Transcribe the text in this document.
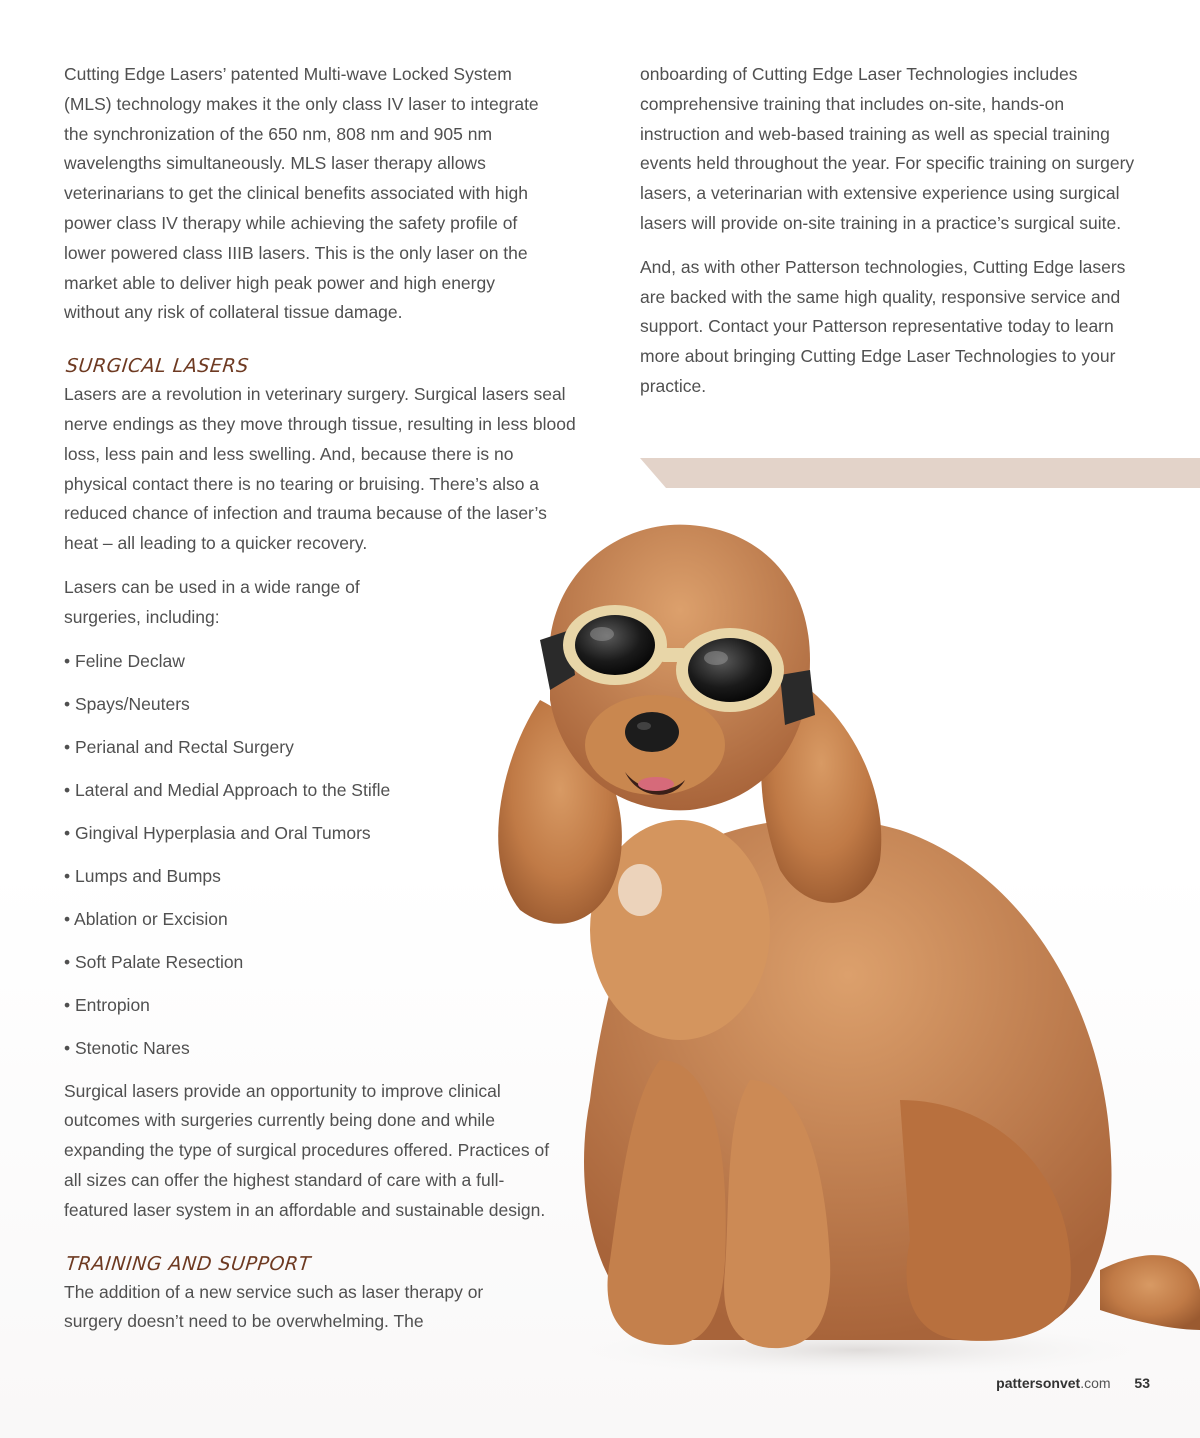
Cutting Edge Lasers’ patented Multi-wave Locked System (MLS) technology makes it the only class IV laser to integrate the synchronization of the 650 nm, 808 nm and 905 nm wavelengths simultaneously. MLS laser therapy allows veterinarians to get the clinical benefits associated with high power class IV therapy while achieving the safety profile of lower powered class IIIB lasers. This is the only laser on the market able to deliver high peak power and high energy without any risk of collateral tissue damage.

SURGICAL LASERS

Lasers are a revolution in veterinary surgery. Surgical lasers seal nerve endings as they move through tissue, resulting in less blood loss, less pain and less swelling. And, because there is no physical contact there is no tearing or bruising. There’s also a reduced chance of infection and trauma because of the laser’s heat – all leading to a quicker recovery.

Lasers can be used in a wide range of surgeries, including:

• Feline Declaw
• Spays/Neuters
• Perianal and Rectal Surgery
• Lateral and Medial Approach to the Stifle
• Gingival Hyperplasia and Oral Tumors
• Lumps and Bumps
• Ablation or Excision
• Soft Palate Resection
• Entropion
• Stenotic Nares

Surgical lasers provide an opportunity to improve clinical outcomes with surgeries currently being done and while expanding the type of surgical procedures offered. Practices of all sizes can offer the highest standard of care with a full-featured laser system in an affordable and sustainable design.

TRAINING AND SUPPORT

The addition of a new service such as laser therapy or surgery doesn’t need to be overwhelming. The

onboarding of Cutting Edge Laser Technologies includes comprehensive training that includes on-site, hands-on instruction and web-based training as well as special training events held throughout the year. For specific training on surgery lasers, a veterinarian with extensive experience using surgical lasers will provide on-site training in a practice’s surgical suite.

And, as with other Patterson technologies, Cutting Edge lasers are backed with the same high quality, responsive service and support. Contact your Patterson representative today to learn more about bringing Cutting Edge Laser Technologies to your practice.

pattersonvet.com 53
